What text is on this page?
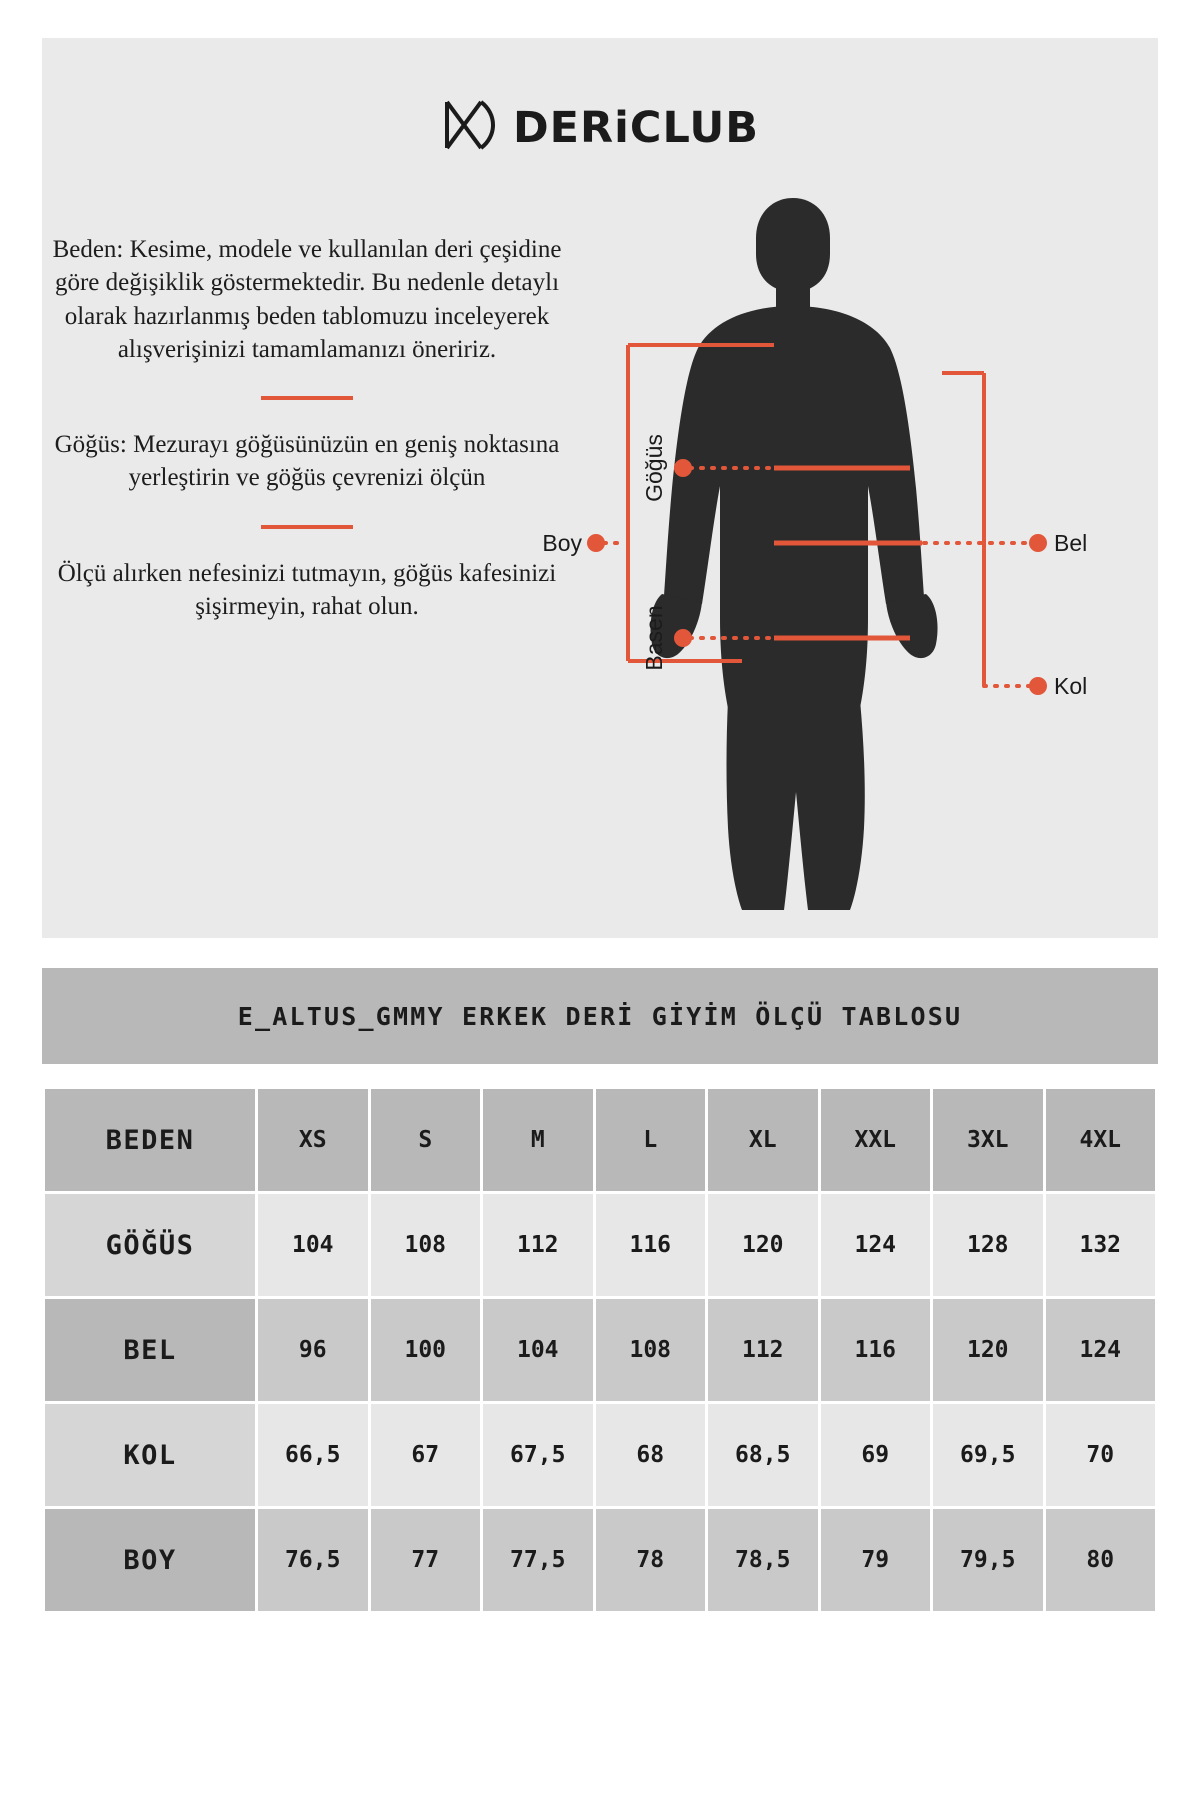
DERiCLUB

Beden: Kesime, modele ve kullanılan deri çeşidine göre değişiklik göstermektedir. Bu nedenle detaylı olarak hazırlanmış beden tablomuzu inceleyerek alışverişinizi tamamlamanızı öneririz.

Göğüs: Mezurayı göğüsünüzün en geniş noktasına yerleştirin ve göğüs çevrenizi ölçün

Ölçü alırken nefesinizi tutmayın, göğüs kafesinizi şişirmeyin, rahat olun.

Göğüs
Basen
Boy	Bel
Kol
E_ALTUS_GMMY ERKEK DERİ GİYİM ÖLÇÜ TABLOSU
BEDEN	XS	S	M	L	XL	XXL	3XL	4XL
GÖĞÜS	104	108	112	116	120	124	128	132
BEL	96	100	104	108	112	116	120	124
KOL	66,5	67	67,5	68	68,5	69	69,5	70
BOY	76,5	77	77,5	78	78,5	79	79,5	80
